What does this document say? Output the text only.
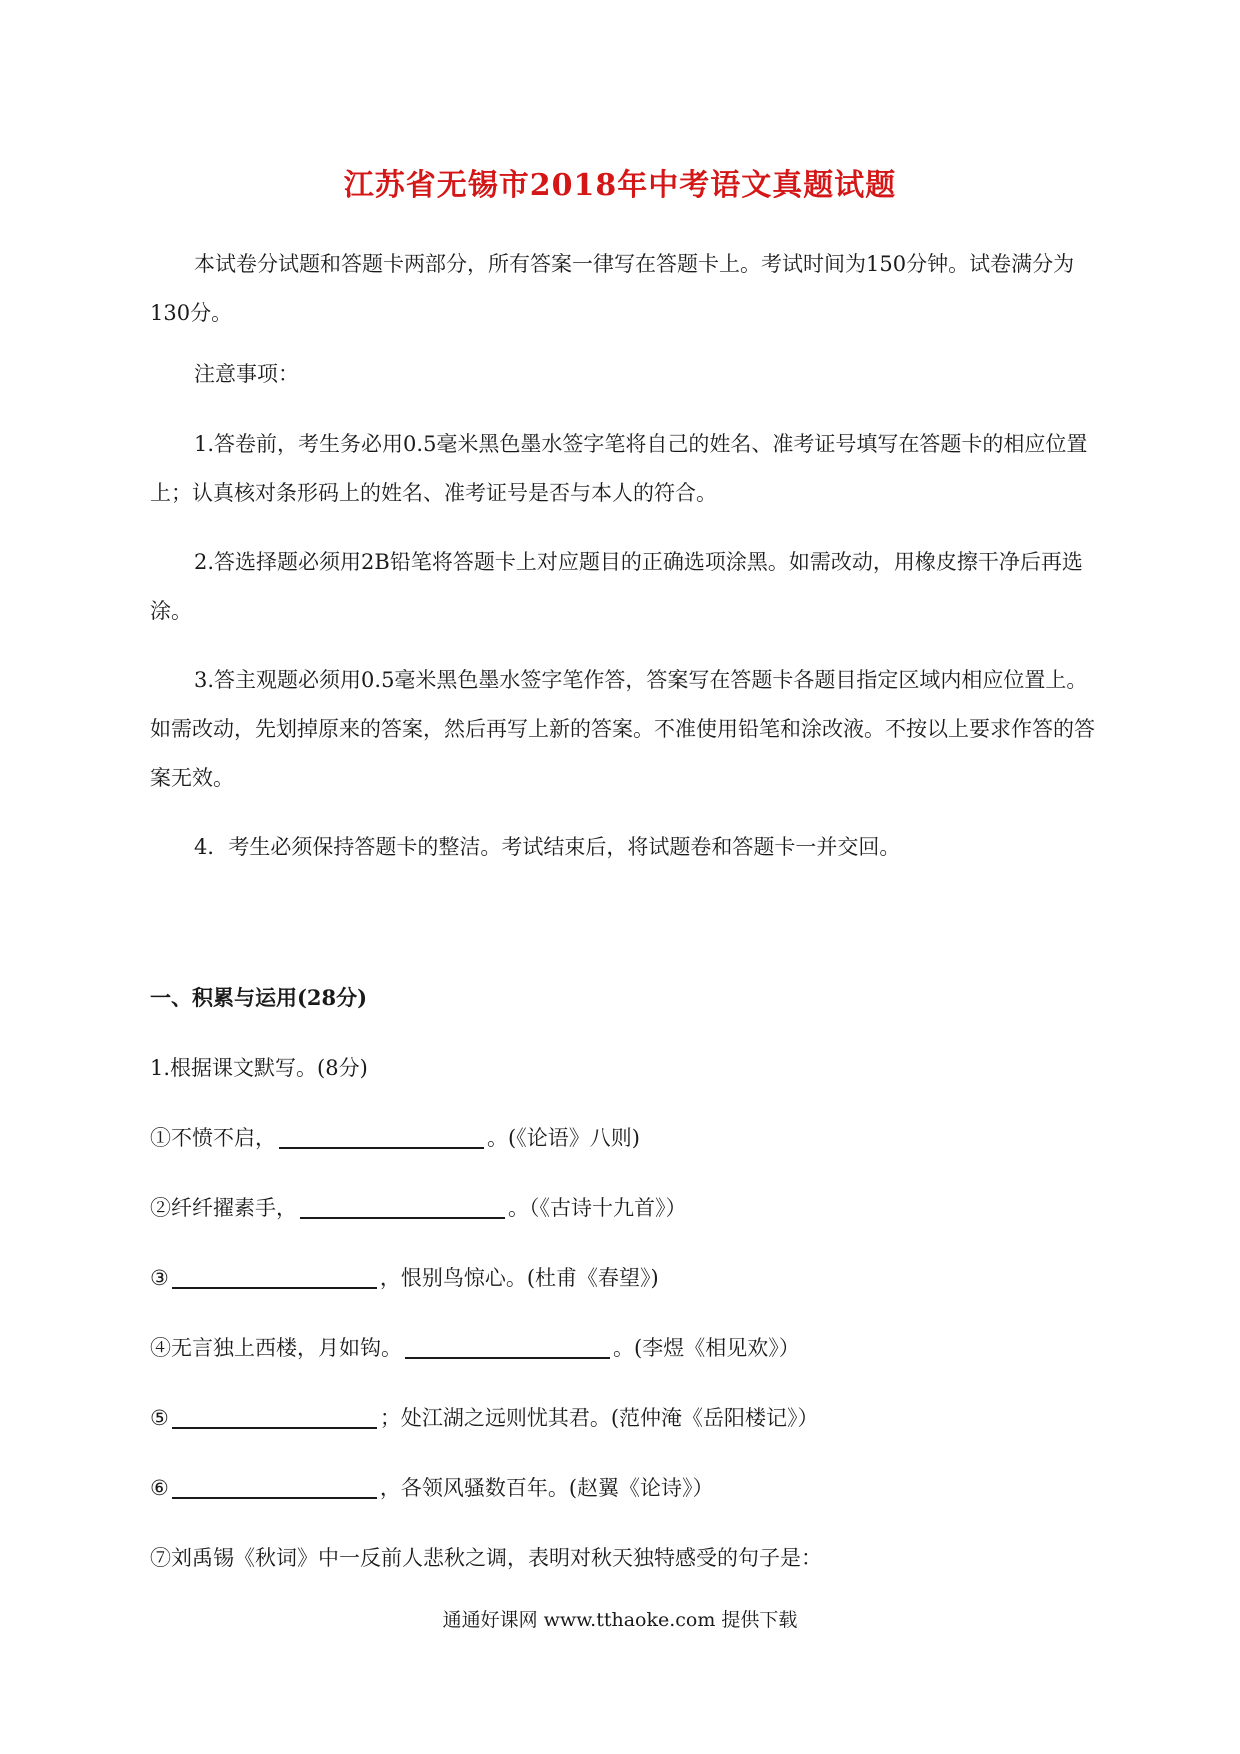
江苏省无锡市2018年中考语文真题试题

本试卷分试题和答题卡两部分，所有答案一律写在答题卡上。考试时间为150分钟。试卷满分为130分。

注意事项：

1.答卷前，考生务必用0.5毫米黑色墨水签字笔将自己的姓名、准考证号填写在答题卡的相应位置上；认真核对条形码上的姓名、准考证号是否与本人的符合。

2.答选择题必须用2B铅笔将答题卡上对应题目的正确选项涂黑。如需改动，用橡皮擦干净后再选涂。

3.答主观题必须用0.5毫米黑色墨水签字笔作答，答案写在答题卡各题目指定区域内相应位置上。如需改动，先划掉原来的答案，然后再写上新的答案。不准使用铅笔和涂改液。不按以上要求作答的答案无效。

4．考生必须保持答题卡的整洁。考试结束后，将试题卷和答题卡一并交回。

一、积累与运用(28分)
1.根据课文默写。(8分)
①不愤不启，	。(《论语》八则)
②纤纤擢素手，	。（《古诗十九首》）
③	，恨别鸟惊心。(杜甫《春望》)
④无言独上西楼，月如钩。	。(李煜《相见欢》）
⑤	；处江湖之远则忧其君。(范仲淹《岳阳楼记》）
⑥	，各领风骚数百年。(赵翼《论诗》）
⑦刘禹锡《秋词》中一反前人悲秋之调，表明对秋天独特感受的句子是：
通通好课网 www.tthaoke.com 提供下载
